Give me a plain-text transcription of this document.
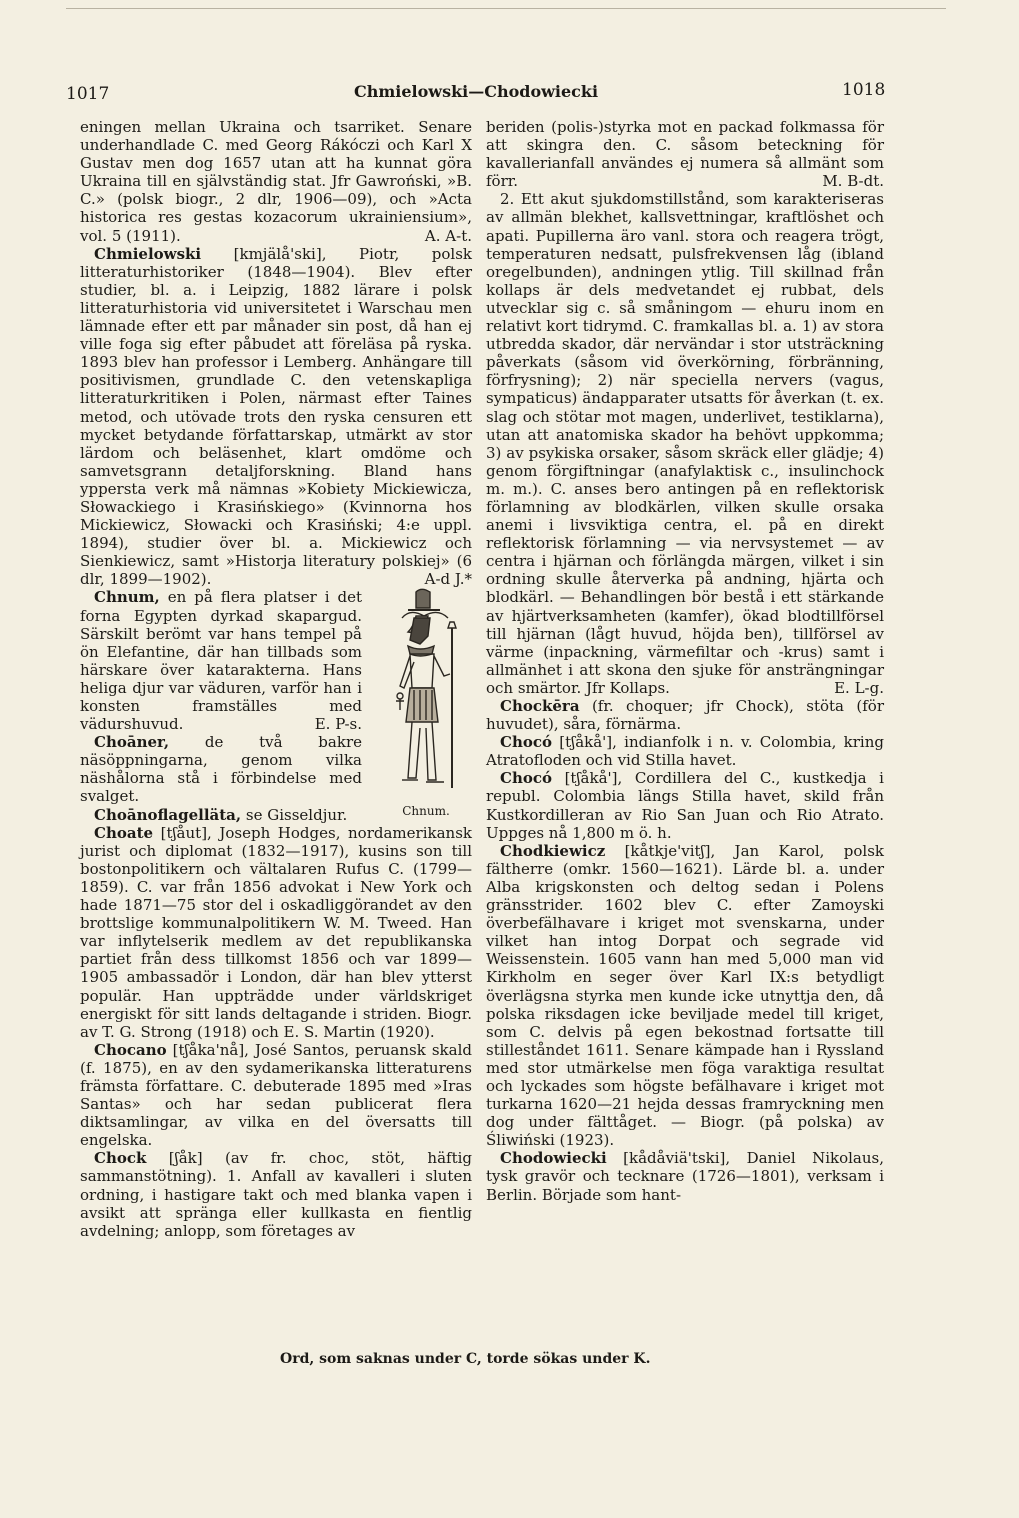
1017	Chmielowski—Chodowiecki	1018

eningen mellan Ukraina och tsarriket. Senare underhandlade C. med Georg Rákóczi och Karl X Gustav men dog 1657 utan att ha kunnat göra Ukraina till en självständig stat. Jfr Gawroński, »B. C.» (polsk biogr., 2 dlr, 1906—09), och »Acta historica res gestas kozacorum ukrainiensium», vol. 5 (1911).	A. A-t.

Chmielowski [kmjälå'ski], Piotr, polsk litteraturhistoriker (1848—1904). Blev efter studier, bl. a. i Leipzig, 1882 lärare i polsk litteraturhistoria vid universitetet i Warschau men lämnade efter ett par månader sin post, då han ej ville foga sig efter påbudet att föreläsa på ryska. 1893 blev han professor i Lemberg. Anhängare till positivismen, grundlade C. den vetenskapliga litteraturkritiken i Polen, närmast efter Taines metod, och utövade trots den ryska censuren ett mycket betydande författarskap, utmärkt av stor lärdom och beläsenhet, klart omdöme och samvetsgrann detaljforskning. Bland hans yppersta verk må nämnas »Kobiety Mickiewicza, Słowackiego i Krasińskiego» (Kvinnorna hos Mickiewicz, Słowacki och Krasiński; 4:e uppl. 1894), studier över bl. a. Mickiewicz och Sienkiewicz, samt »Historja literatury polskiej» (6 dlr, 1899—1902).	A-d J.*

Chnum, en på flera platser i det forna Egypten dyrkad skapargud. Särskilt berömt var hans tempel på ön Elefantine, där han tillbads som härskare över katarakterna. Hans heliga djur var väduren, varför han i konsten framställes med vädurshuvud.	E. P-s.

Choāner, de två bakre näsöppningarna, genom vilka näshålorna stå i förbindelse med svalget.

Choānoflagelläta, se Gisseldjur.	Chnum.

Choate [tʃåut], Joseph Hodges, nordamerikansk jurist och diplomat (1832—1917), kusins son till bostonpolitikern och vältalaren Rufus C. (1799—1859). C. var från 1856 advokat i New York och hade 1871—75 stor del i oskadliggörandet av den brottslige kommunalpolitikern W. M. Tweed. Han var inflytelserik medlem av det republikanska partiet från dess tillkomst 1856 och var 1899—1905 ambassadör i London, där han blev ytterst populär. Han uppträdde under världskriget energiskt för sitt lands deltagande i striden. Biogr. av T. G. Strong (1918) och E. S. Martin (1920).

Chocano [tʃåka'nå], José Santos, peruansk skald (f. 1875), en av den sydamerikanska litteraturens främsta författare. C. debuterade 1895 med »Iras Santas» och har sedan publicerat flera diktsamlingar, av vilka en del översatts till engelska.

Chock [ʃåk] (av fr. choc, stöt, häftig sammanstötning). 1. Anfall av kavalleri i sluten ordning, i hastigare takt och med blanka vapen i avsikt att spränga eller kullkasta en fientlig avdelning; anlopp, som företages av

beriden (polis-)styrka mot en packad folkmassa för att skingra den. C. såsom beteckning för kavallerianfall användes ej numera så allmänt som förr.	M. B-dt.

2. Ett akut sjukdomstillstånd, som karakteriseras av allmän blekhet, kallsvettningar, kraftlöshet och apati. Pupillerna äro vanl. stora och reagera trögt, temperaturen nedsatt, pulsfrekvensen låg (ibland oregelbunden), andningen ytlig. Till skillnad från kollaps är dels medvetandet ej rubbat, dels utvecklar sig c. så småningom — ehuru inom en relativt kort tidrymd. C. framkallas bl. a. 1) av stora utbredda skador, där nervändar i stor utsträckning påverkats (såsom vid överkörning, förbränning, förfrysning); 2) när speciella nervers (vagus, sympaticus) ändapparater utsatts för åverkan (t. ex. slag och stötar mot magen, underlivet, testiklarna), utan att anatomiska skador ha behövt uppkomma; 3) av psykiska orsaker, såsom skräck eller glädje; 4) genom förgiftningar (anafylaktisk c., insulinchock m. m.). C. anses bero antingen på en reflektorisk förlamning av blodkärlen, vilken skulle orsaka anemi i livsviktiga centra, el. på en direkt reflektorisk förlamning — via nervsystemet — av centra i hjärnan och förlängda märgen, vilket i sin ordning skulle återverka på andning, hjärta och blodkärl. — Behandlingen bör bestå i ett stärkande av hjärtverksamheten (kamfer), ökad blodtillförsel till hjärnan (lågt huvud, höjda ben), tillförsel av värme (inpackning, värmefiltar och -krus) samt i allmänhet i att skona den sjuke för ansträngningar och smärtor. Jfr Kollaps.	E. L-g.

Chockēra (fr. choquer; jfr Chock), stöta (för huvudet), såra, förnärma.

Chocó [tʃåkå'], indianfolk i n. v. Colombia, kring Atratofloden och vid Stilla havet.

Chocó [tʃåkå'], Cordillera del C., kustkedja i republ. Colombia längs Stilla havet, skild från Kustkordilleran av Rio San Juan och Rio Atrato. Uppges nå 1,800 m ö. h.

Chodkiewicz [kåtkje'vitʃ], Jan Karol, polsk fältherre (omkr. 1560—1621). Lärde bl. a. under Alba krigskonsten och deltog sedan i Polens gränsstrider. 1602 blev C. efter Zamoyski överbefälhavare i kriget mot svenskarna, under vilket han intog Dorpat och segrade vid Weissenstein. 1605 vann han med 5,000 man vid Kirkholm en seger över Karl IX:s betydligt överlägsna styrka men kunde icke utnyttja den, då polska riksdagen icke beviljade medel till kriget, som C. delvis på egen bekostnad fortsatte till stilleståndet 1611. Senare kämpade han i Ryssland med stor utmärkelse men föga varaktiga resultat och lyckades som högste befälhavare i kriget mot turkarna 1620—21 hejda dessas framryckning men dog under fälttåget. — Biogr. (på polska) av Śliwiński (1923).

Chodowiecki [kådåviä'tski], Daniel Nikolaus, tysk gravör och tecknare (1726—1801), verksam i Berlin. Började som hant-

Ord, som saknas under C, torde sökas under K.
